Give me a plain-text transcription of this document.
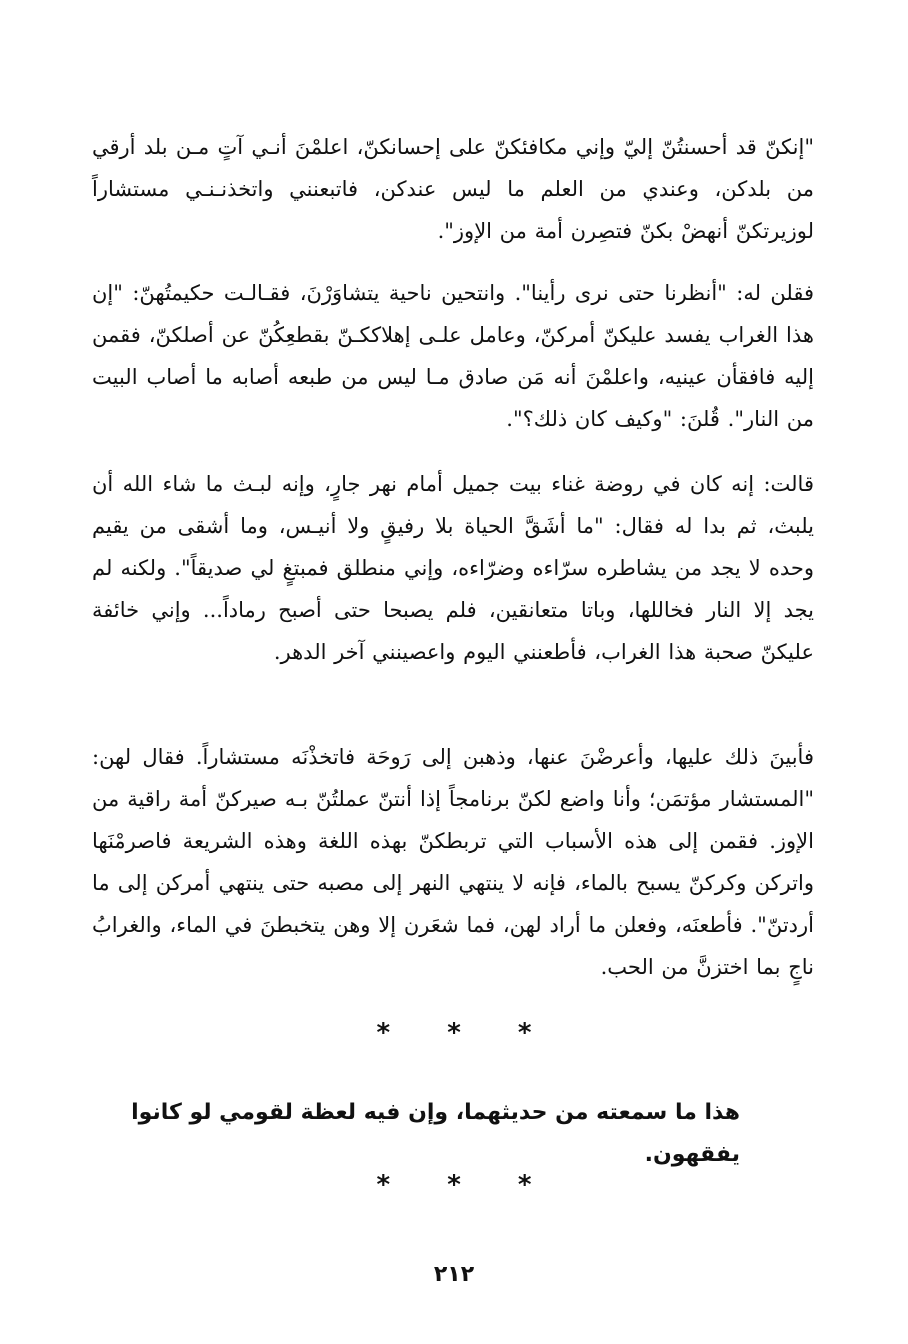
"إنكنّ قد أحسنتُنّ إليّ وإني مكافئكنّ على إحسانكنّ، اعلمْنَ أنـي آتٍ مـن بلد أرقي من بلدكن، وعندي من العلم ما ليس عندكن، فاتبعنني واتخذنـنـي مستشاراً لوزيرتكنّ أنهضْ بكنّ فتصِرن أمة من الإوز".

فقلن له: "أنظرنا حتى نرى رأينا". وانتحين ناحية يتشاوَرْنَ، فقـالـت حكيمتُهنّ: "إن هذا الغراب يفسد عليكنّ أمركنّ، وعامل علـى إهلاككـنّ بقطعِكُنّ عن أصلكنّ، فقمن إليه فافقأن عينيه، واعلمْنَ أنه مَن صادق مـا ليس من طبعه أصابه ما أصاب البيت من النار". قُلنَ: "وكيف كان ذلك؟".

قالت: إنه كان في روضة غناء بيت جميل أمام نهر جارٍ، وإنه لبـث ما شاء الله أن يلبث، ثم بدا له فقال: "ما أشَقَّ الحياة بلا رفيقٍ ولا أنيـس، وما أشقى من يقيم وحده لا يجد من يشاطره سرّاءه وضرّاءه، وإني منطلق فمبتغٍ لي صديقاً". ولكنه لم يجد إلا النار فخاللها، وباتا متعانقين، فلم يصبحا حتى أصبح رماداً... وإني خائفة عليكنّ صحبة هذا الغراب، فأطعنني اليوم واعصينني آخر الدهر.

فأبينَ ذلك عليها، وأعرضْنَ عنها، وذهبن إلى رَوحَة فاتخذْنَه مستشاراً. فقال لهن: "المستشار مؤتمَن؛ وأنا واضع لكنّ برنامجاً إذا أنتنّ عملتُنّ بـه صيركنّ أمة راقية من الإوز. فقمن إلى هذه الأسباب التي تربطكنّ بهذه اللغة وهذه الشريعة فاصرمْنَها واتركن وكركنّ يسبح بالماء، فإنه لا ينتهي النهر إلى مصبه حتى ينتهي أمركن إلى ما أردتنّ". فأطعنَه، وفعلن ما أراد لهن، فما شعَرن إلا وهن يتخبطنَ في الماء، والغرابُ ناجٍ بما اختزنَّ من الحب.

* * *
هذا ما سمعته من حديثهما، وإن فيه لعظة لقومي لو كانوا يفقهون.
* * *
٢١٢
